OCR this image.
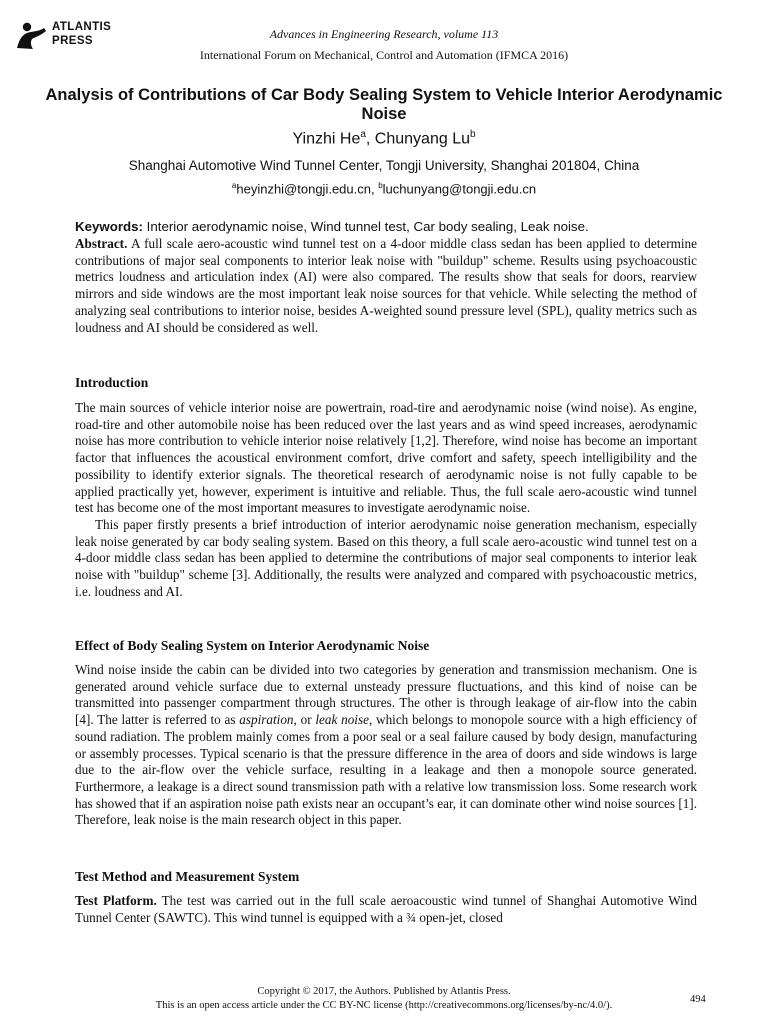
ATLANTIS
PRESS	Advances in Engineering Research, volume 113
International Forum on Mechanical, Control and Automation (IFMCA 2016)
Analysis of Contributions of Car Body Sealing System to Vehicle Interior Aerodynamic Noise
Yinzhi He$^a$, Chunyang Lu$^b$
Shanghai Automotive Wind Tunnel Center, Tongji University, Shanghai 201804, China
$^a$heyinzhi@tongji.edu.cn, $^b$luchunyang@tongji.edu.cn
Keywords: Interior aerodynamic noise, Wind tunnel test, Car body sealing, Leak noise.

Abstract. A full scale aero-acoustic wind tunnel test on a 4-door middle class sedan has been applied to determine contributions of major seal components to interior leak noise with "buildup" scheme. Results using psychoacoustic metrics loudness and articulation index (AI) were also compared. The results show that seals for doors, rearview mirrors and side windows are the most important leak noise sources for that vehicle. While selecting the method of analyzing seal contributions to interior noise, besides A-weighted sound pressure level (SPL), quality metrics such as loudness and AI should be considered as well.

Introduction

The main sources of vehicle interior noise are powertrain, road-tire and aerodynamic noise (wind noise). As engine, road-tire and other automobile noise has been reduced over the last years and as wind speed increases, aerodynamic noise has more contribution to vehicle interior noise relatively [1,2]. Therefore, wind noise has become an important factor that influences the acoustical environment comfort, drive comfort and safety, speech intelligibility and the possibility to identify exterior signals. The theoretical research of aerodynamic noise is not fully capable to be applied practically yet, however, experiment is intuitive and reliable. Thus, the full scale aero-acoustic wind tunnel test has become one of the most important measures to investigate aerodynamic noise.

This paper firstly presents a brief introduction of interior aerodynamic noise generation mechanism, especially leak noise generated by car body sealing system. Based on this theory, a full scale aero-acoustic wind tunnel test on a 4-door middle class sedan has been applied to determine the contributions of major seal components to interior leak noise with "buildup" scheme [3]. Additionally, the results were analyzed and compared with psychoacoustic metrics, i.e. loudness and AI.

Effect of Body Sealing System on Interior Aerodynamic Noise

Wind noise inside the cabin can be divided into two categories by generation and transmission mechanism. One is generated around vehicle surface due to external unsteady pressure fluctuations, and this kind of noise can be transmitted into passenger compartment through structures. The other is through leakage of air-flow into the cabin [4]. The latter is referred to as aspiration, or leak noise, which belongs to monopole source with a high efficiency of sound radiation. The problem mainly comes from a poor seal or a seal failure caused by body design, manufacturing or assembly processes. Typical scenario is that the pressure difference in the area of doors and side windows is large due to the air-flow over the vehicle surface, resulting in a leakage and then a monopole source generated. Furthermore, a leakage is a direct sound transmission path with a relative low transmission loss. Some research work has showed that if an aspiration noise path exists near an occupant’s ear, it can dominate other wind noise sources [1]. Therefore, leak noise is the main research object in this paper.

Test Method and Measurement System

Test Platform. The test was carried out in the full scale aeroacoustic wind tunnel of Shanghai Automotive Wind Tunnel Center (SAWTC). This wind tunnel is equipped with a ¾ open-jet, closed

Copyright © 2017, the Authors. Published by Atlantis Press.
This is an open access article under the CC BY-NC license (http://creativecommons.org/licenses/by-nc/4.0/).
494
